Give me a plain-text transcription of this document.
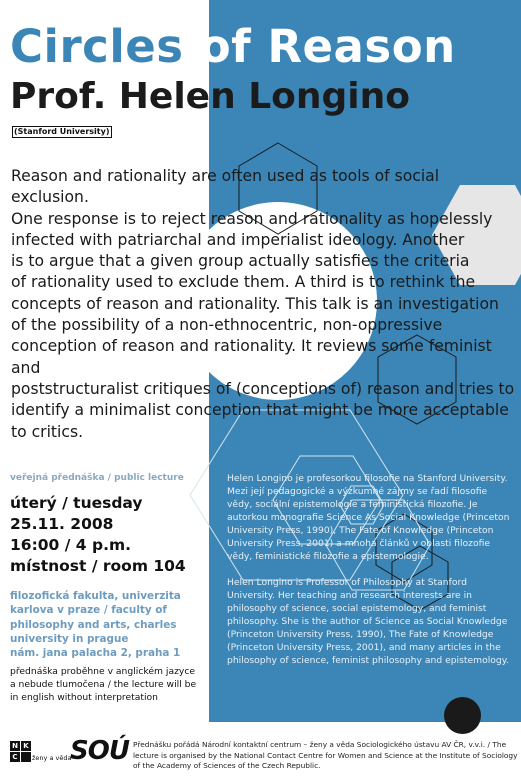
Circles of Reason
Prof. Helen Longino
(Stanford University)

Reason and rationality are often used as tools of social exclusion.
One response is to reject reason and rationality as hopelessly
infected with patriarchal and imperialist ideology. Another
is to argue that a given group actually satisfies the criteria
of rationality used to exclude them. A third is to rethink the
concepts of reason and rationality. This talk is an investigation
of the possibility of a non-ethnocentric, non-oppressive
conception of reason and rationality. It reviews some feminist and
poststructuralist critiques of (conceptions of) reason and tries to
identify a minimalist conception that might be more acceptable
to critics.

veřejná přednáška / public lecture
úterý / tuesday
25.11. 2008
16:00 / 4 p.m.
místnost / room 104
filozofická fakulta, univerzita
karlova v praze / faculty of
philosophy and arts, charles
university in prague
nám. jana palacha 2, praha 1
přednáška proběhne v anglickém jazyce
a nebude tlumočena / the lecture will be
in english without interpretation

Helen Longino je profesorkou filosofie na Stanford University. Mezi její pedagogické a výzkumné zájmy se řadí filosofie vědy, sociální epistemologie a feministická filozofie. Je autorkou monografie Science As Social Knowledge (Princeton University Press, 1990), The Fate of Knowledge (Princeton University Press, 2001) a mnoha článků v oblasti filozofie vědy, feministické filozofie a epistemologie.

Helen Longino is Professor of Philosophy at Stanford University. Her teaching and research interests are in philosophy of science, social epistemology, and feminist philosophy. She is the author of Science as Social Knowledge (Princeton University Press, 1990), The Fate of Knowledge (Princeton University Press, 2001), and many articles in the philosophy of science, feminist philosophy and epistemology.

N K
C	ženy a věda
SOÚ Přednášku pořádá Národní kontaktní centrum – ženy a věda Sociologického ústavu AV ČR, v.v.i. / The lecture is organised by the National Contact Centre for Women and Science at the Institute of Sociology of the Academy of Sciences of the Czech Republic.
